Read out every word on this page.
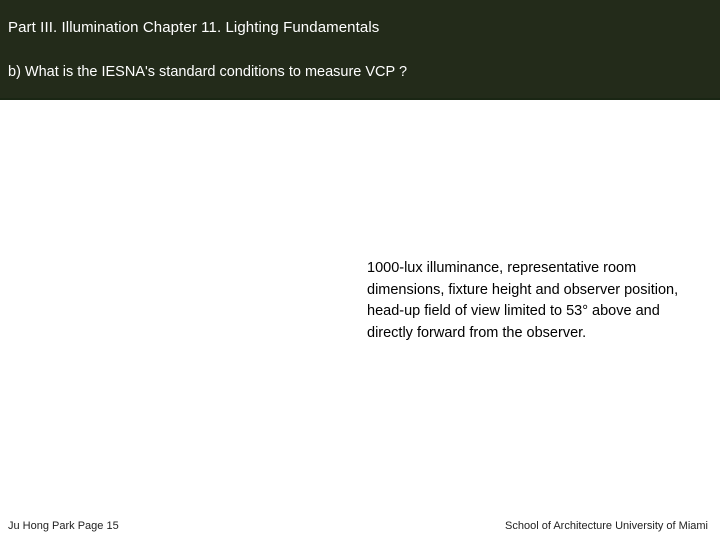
Part III. Illumination Chapter 11. Lighting Fundamentals
b) What is the IESNA's standard conditions to measure VCP ?
1000-lux illuminance, representative room dimensions, fixture height and observer position, head-up field of view limited to 53° above and directly forward from the observer.
Ju Hong Park Page 15	School of Architecture University of Miami
